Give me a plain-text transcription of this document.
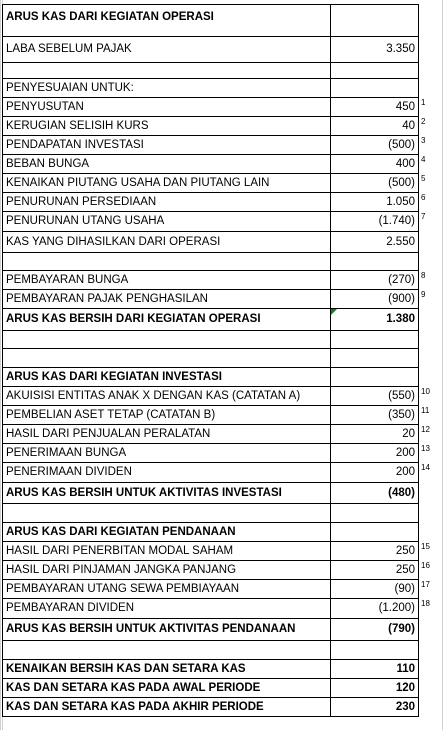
ARUS KAS DARI KEGIATAN OPERASI
LABA SEBELUM PAJAK	3.350
PENYESUAIAN UNTUK:
PENYUSUTAN	450 1
KERUGIAN SELISIH KURS	40 2
PENDAPATAN INVESTASI	(500) 3
BEBAN BUNGA	400 4
KENAIKAN PIUTANG USAHA DAN PIUTANG LAIN	(500) 5
PENURUNAN PERSEDIAAN	1.050 6
PENURUNAN UTANG USAHA	(1.740) 7
KAS YANG DIHASILKAN DARI OPERASI	2.550
PEMBAYARAN BUNGA	(270) 8
PEMBAYARAN PAJAK PENGHASILAN	(900) 9
ARUS KAS BERSIH DARI KEGIATAN OPERASI	1.380
ARUS KAS DARI KEGIATAN INVESTASI
AKUISISI ENTITAS ANAK X DENGAN KAS (CATATAN A)	(550) 10
PEMBELIAN ASET TETAP (CATATAN B)	(350) 11
HASIL DARI PENJUALAN PERALATAN	20 12
PENERIMAAN BUNGA	200 13
PENERIMAAN DIVIDEN	200 14
ARUS KAS BERSIH UNTUK AKTIVITAS INVESTASI	(480)
ARUS KAS DARI KEGIATAN PENDANAAN
HASIL DARI PENERBITAN MODAL SAHAM	250 15
HASIL DARI PINJAMAN JANGKA PANJANG	250 16
PEMBAYARAN UTANG SEWA PEMBIAYAAN	(90) 17
PEMBAYARAN DIVIDEN	(1.200) 18
ARUS KAS BERSIH UNTUK AKTIVITAS PENDANAAN	(790)
KENAIKAN BERSIH KAS DAN SETARA KAS	110
KAS DAN SETARA KAS PADA AWAL PERIODE	120
KAS DAN SETARA KAS PADA AKHIR PERIODE	230
